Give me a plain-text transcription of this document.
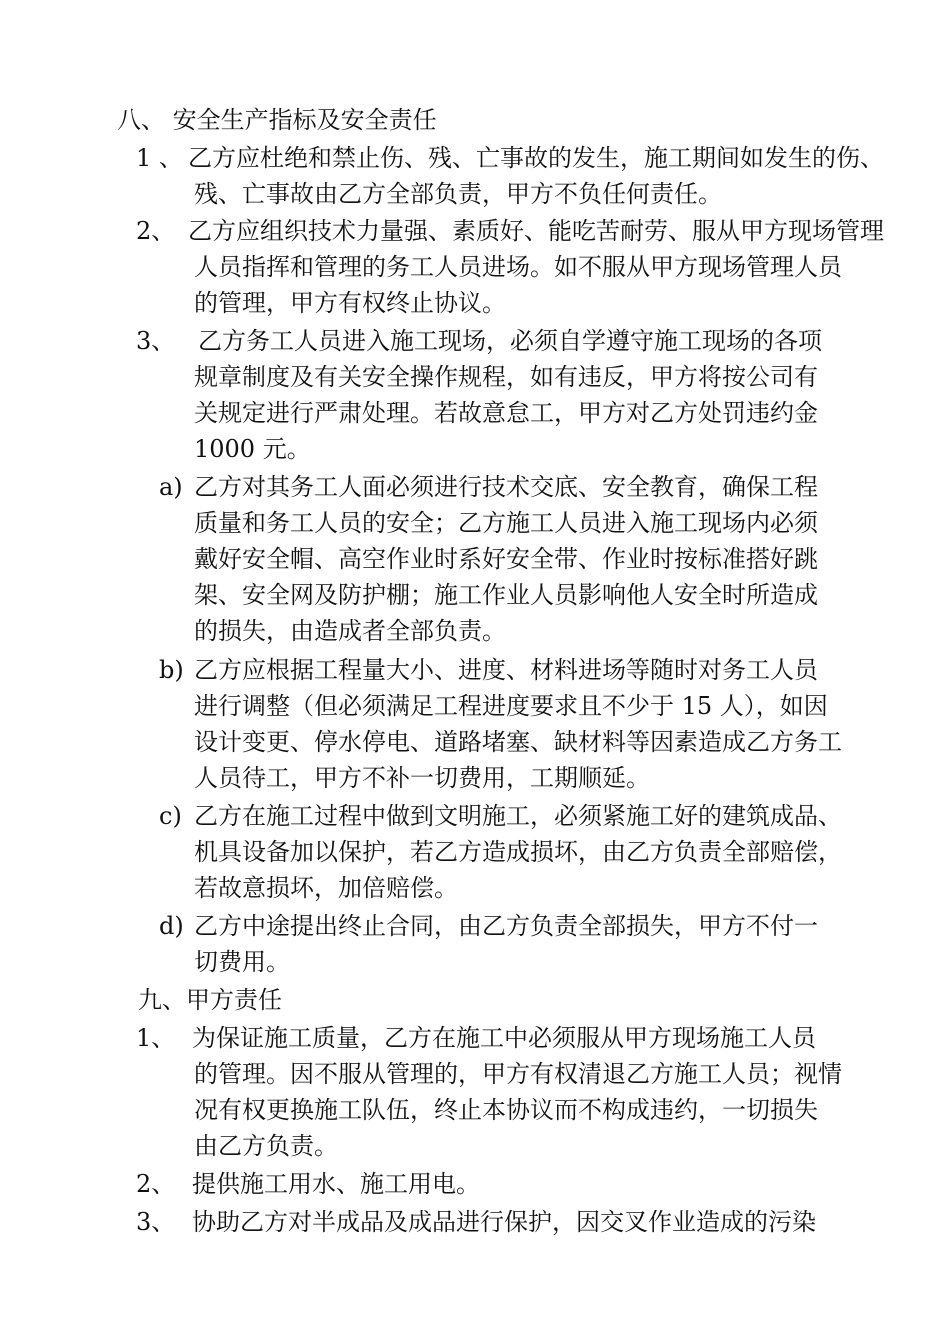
八、 安全生产指标及安全责任
1 、 乙方应杜绝和禁止伤、残、亡事故的发生，施工期间如发生的伤、
残、亡事故由乙方全部负责，甲方不负任何责任。
2、 乙方应组织技术力量强、素质好、能吃苦耐劳、服从甲方现场管理
人员指挥和管理的务工人员进场。如不服从甲方现场管理人员
的管理，甲方有权终止协议。
3、 乙方务工人员进入施工现场，必须自学遵守施工现场的各项
规章制度及有关安全操作规程，如有违反，甲方将按公司有
关规定进行严肃处理。若故意怠工，甲方对乙方处罚违约金
1000 元。
a) 乙方对其务工人面必须进行技术交底、安全教育，确保工程
质量和务工人员的安全；乙方施工人员进入施工现场内必须
戴好安全帽、高空作业时系好安全带、作业时按标准搭好跳
架、安全网及防护棚；施工作业人员影响他人安全时所造成
的损失，由造成者全部负责。
b) 乙方应根据工程量大小、进度、材料进场等随时对务工人员
进行调整（但必须满足工程进度要求且不少于 15 人），如因
设计变更、停水停电、道路堵塞、缺材料等因素造成乙方务工
人员待工，甲方不补一切费用，工期顺延。
c) 乙方在施工过程中做到文明施工，必须紧施工好的建筑成品、
机具设备加以保护，若乙方造成损坏，由乙方负责全部赔偿，
若故意损坏，加倍赔偿。
d) 乙方中途提出终止合同，由乙方负责全部损失，甲方不付一
切费用。
九、甲方责任
1、 为保证施工质量，乙方在施工中必须服从甲方现场施工人员
的管理。因不服从管理的，甲方有权清退乙方施工人员；视情
况有权更换施工队伍，终止本协议而不构成违约，一切损失
由乙方负责。
2、 提供施工用水、施工用电。
3、 协助乙方对半成品及成品进行保护，因交叉作业造成的污染
